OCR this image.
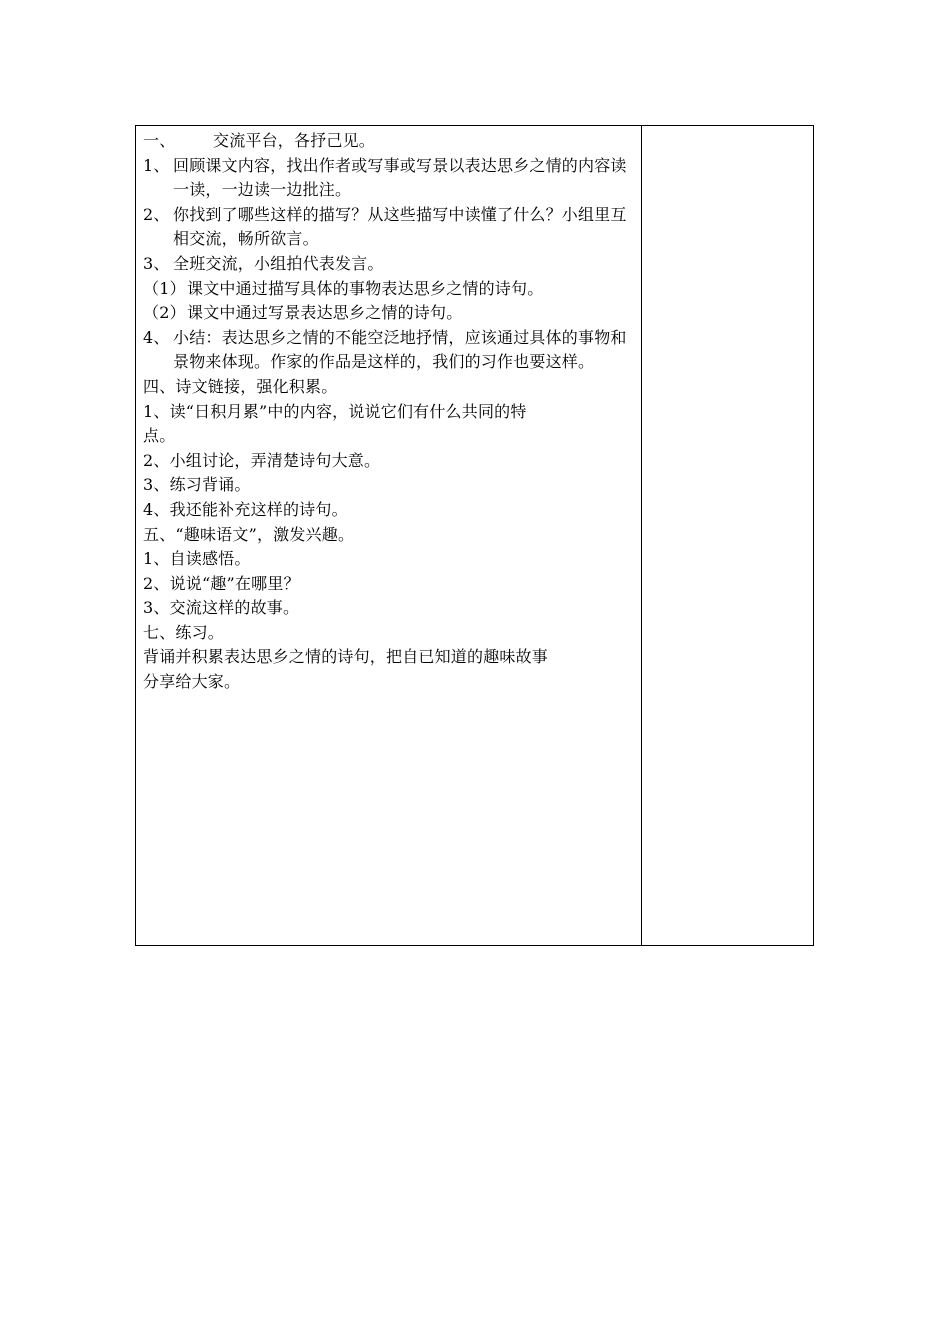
一、 交流平台，各抒己见。
1、 回顾课文内容，找出作者或写事或写景以表达思乡之情的内容读一读，一边读一边批注。
2、 你找到了哪些这样的描写？从这些描写中读懂了什么？小组里互相交流，畅所欲言。
3、 全班交流，小组拍代表发言。
（1）课文中通过描写具体的事物表达思乡之情的诗句。
（2）课文中通过写景表达思乡之情的诗句。
4、 小结：表达思乡之情的不能空泛地抒情，应该通过具体的事物和景物来体现。作家的作品是这样的，我们的习作也要这样。
四、诗文链接，强化积累。
1、读“日积月累”中的内容，说说它们有什么共同的特
点。
2、小组讨论，弄清楚诗句大意。
3、练习背诵。
4、我还能补充这样的诗句。
五、“趣味语文”，激发兴趣。
1、自读感悟。
2、说说“趣”在哪里？
3、交流这样的故事。
七、练习。
背诵并积累表达思乡之情的诗句，把自已知道的趣味故事
分享给大家。
